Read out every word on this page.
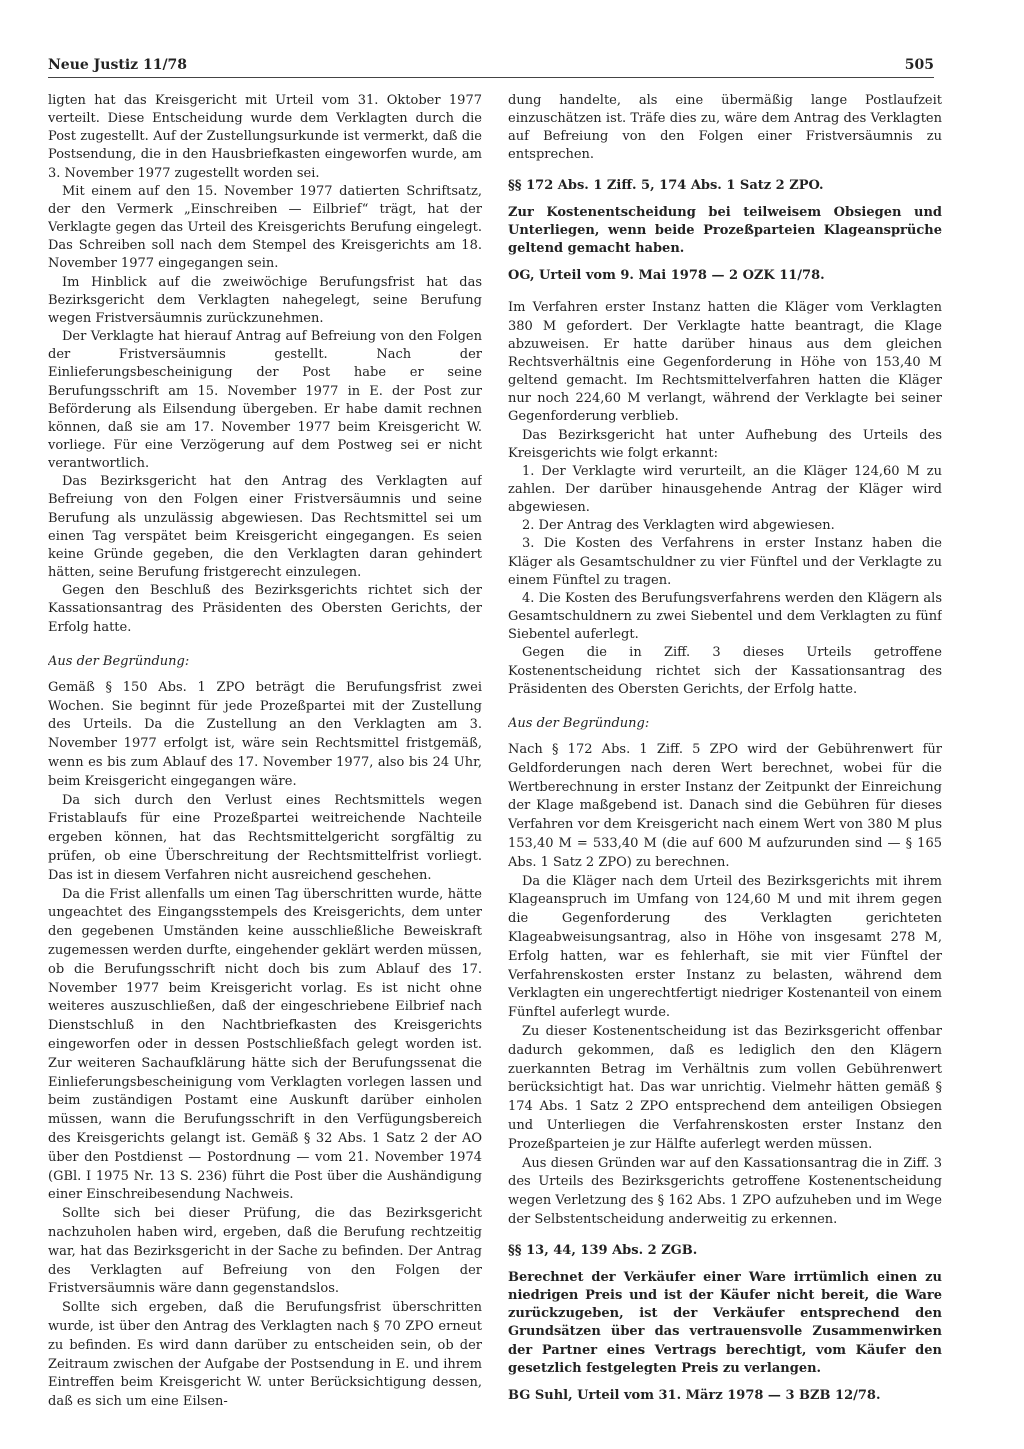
Neue Justiz 11/78	505

ligten hat das Kreisgericht mit Urteil vom 31. Oktober 1977 verteilt. Diese Entscheidung wurde dem Verklagten durch die Post zugestellt. Auf der Zustellungsurkunde ist vermerkt, daß die Postsendung, die in den Hausbriefkasten eingeworfen wurde, am 3. November 1977 zugestellt worden sei.

Mit einem auf den 15. November 1977 datierten Schriftsatz, der den Vermerk „Einschreiben — Eilbrief“ trägt, hat der Verklagte gegen das Urteil des Kreisgerichts Berufung eingelegt. Das Schreiben soll nach dem Stempel des Kreisgerichts am 18. November 1977 eingegangen sein.

Im Hinblick auf die zweiwöchige Berufungsfrist hat das Bezirksgericht dem Verklagten nahegelegt, seine Berufung wegen Fristversäumnis zurückzunehmen.

Der Verklagte hat hierauf Antrag auf Befreiung von den Folgen der Fristversäumnis gestellt. Nach der Einlieferungsbescheinigung der Post habe er seine Berufungsschrift am 15. November 1977 in E. der Post zur Beförderung als Eilsendung übergeben. Er habe damit rechnen können, daß sie am 17. November 1977 beim Kreisgericht W. vorliege. Für eine Verzögerung auf dem Postweg sei er nicht verantwortlich.

Das Bezirksgericht hat den Antrag des Verklagten auf Befreiung von den Folgen einer Fristversäumnis und seine Berufung als unzulässig abgewiesen. Das Rechtsmittel sei um einen Tag verspätet beim Kreisgericht eingegangen. Es seien keine Gründe gegeben, die den Verklagten daran gehindert hätten, seine Berufung fristgerecht einzulegen.

Gegen den Beschluß des Bezirksgerichts richtet sich der Kassationsantrag des Präsidenten des Obersten Gerichts, der Erfolg hatte.

Aus der Begründung:

Gemäß § 150 Abs. 1 ZPO beträgt die Berufungsfrist zwei Wochen. Sie beginnt für jede Prozeßpartei mit der Zustellung des Urteils. Da die Zustellung an den Verklagten am 3. November 1977 erfolgt ist, wäre sein Rechtsmittel fristgemäß, wenn es bis zum Ablauf des 17. November 1977, also bis 24 Uhr, beim Kreisgericht eingegangen wäre.

Da sich durch den Verlust eines Rechtsmittels wegen Fristablaufs für eine Prozeßpartei weitreichende Nachteile ergeben können, hat das Rechtsmittelgericht sorgfältig zu prüfen, ob eine Überschreitung der Rechtsmittelfrist vorliegt. Das ist in diesem Verfahren nicht ausreichend geschehen.

Da die Frist allenfalls um einen Tag überschritten wurde, hätte ungeachtet des Eingangsstempels des Kreisgerichts, dem unter den gegebenen Umständen keine ausschließliche Beweiskraft zugemessen werden durfte, eingehender geklärt werden müssen, ob die Berufungsschrift nicht doch bis zum Ablauf des 17. November 1977 beim Kreisgericht vorlag. Es ist nicht ohne weiteres auszuschließen, daß der eingeschriebene Eilbrief nach Dienstschluß in den Nachtbriefkasten des Kreisgerichts eingeworfen oder in dessen Postschließfach gelegt worden ist. Zur weiteren Sachaufklärung hätte sich der Berufungssenat die Einlieferungsbescheinigung vom Verklagten vorlegen lassen und beim zuständigen Postamt eine Auskunft darüber einholen müssen, wann die Berufungsschrift in den Verfügungsbereich des Kreisgerichts gelangt ist. Gemäß § 32 Abs. 1 Satz 2 der AO über den Postdienst — Postordnung — vom 21. November 1974 (GBl. I 1975 Nr. 13 S. 236) führt die Post über die Aushändigung einer Einschreibesendung Nachweis.

Sollte sich bei dieser Prüfung, die das Bezirksgericht nachzuholen haben wird, ergeben, daß die Berufung rechtzeitig war, hat das Bezirksgericht in der Sache zu befinden. Der Antrag des Verklagten auf Befreiung von den Folgen der Fristversäumnis wäre dann gegenstandslos.

Sollte sich ergeben, daß die Berufungsfrist überschritten wurde, ist über den Antrag des Verklagten nach § 70 ZPO erneut zu befinden. Es wird dann darüber zu entscheiden sein, ob der Zeitraum zwischen der Aufgabe der Postsendung in E. und ihrem Eintreffen beim Kreisgericht W. unter Berücksichtigung dessen, daß es sich um eine Eilsen-

dung handelte, als eine übermäßig lange Postlaufzeit einzuschätzen ist. Träfe dies zu, wäre dem Antrag des Verklagten auf Befreiung von den Folgen einer Fristversäumnis zu entsprechen.

§§ 172 Abs. 1 Ziff. 5, 174 Abs. 1 Satz 2 ZPO.

Zur Kostenentscheidung bei teilweisem Obsiegen und Unterliegen, wenn beide Prozeßparteien Klageansprüche geltend gemacht haben.

OG, Urteil vom 9. Mai 1978 — 2 OZK 11/78.

Im Verfahren erster Instanz hatten die Kläger vom Verklagten 380 M gefordert. Der Verklagte hatte beantragt, die Klage abzuweisen. Er hatte darüber hinaus aus dem gleichen Rechtsverhältnis eine Gegenforderung in Höhe von 153,40 M geltend gemacht. Im Rechtsmittelverfahren hatten die Kläger nur noch 224,60 M verlangt, während der Verklagte bei seiner Gegenforderung verblieb.

Das Bezirksgericht hat unter Aufhebung des Urteils des Kreisgerichts wie folgt erkannt:

1. Der Verklagte wird verurteilt, an die Kläger 124,60 M zu zahlen. Der darüber hinausgehende Antrag der Kläger wird abgewiesen.

2. Der Antrag des Verklagten wird abgewiesen.

3. Die Kosten des Verfahrens in erster Instanz haben die Kläger als Gesamtschuldner zu vier Fünftel und der Verklagte zu einem Fünftel zu tragen.

4. Die Kosten des Berufungsverfahrens werden den Klägern als Gesamtschuldnern zu zwei Siebentel und dem Verklagten zu fünf Siebentel auferlegt.

Gegen die in Ziff. 3 dieses Urteils getroffene Kostenentscheidung richtet sich der Kassationsantrag des Präsidenten des Obersten Gerichts, der Erfolg hatte.

Aus der Begründung:

Nach § 172 Abs. 1 Ziff. 5 ZPO wird der Gebührenwert für Geldforderungen nach deren Wert berechnet, wobei für die Wertberechnung in erster Instanz der Zeitpunkt der Einreichung der Klage maßgebend ist. Danach sind die Gebühren für dieses Verfahren vor dem Kreisgericht nach einem Wert von 380 M plus 153,40 M = 533,40 M (die auf 600 M aufzurunden sind — § 165 Abs. 1 Satz 2 ZPO) zu berechnen.

Da die Kläger nach dem Urteil des Bezirksgerichts mit ihrem Klageanspruch im Umfang von 124,60 M und mit ihrem gegen die Gegenforderung des Verklagten gerichteten Klageabweisungsantrag, also in Höhe von insgesamt 278 M, Erfolg hatten, war es fehlerhaft, sie mit vier Fünftel der Verfahrenskosten erster Instanz zu belasten, während dem Verklagten ein ungerechtfertigt niedriger Kostenanteil von einem Fünftel auferlegt wurde.

Zu dieser Kostenentscheidung ist das Bezirksgericht offenbar dadurch gekommen, daß es lediglich den den Klägern zuerkannten Betrag im Verhältnis zum vollen Gebührenwert berücksichtigt hat. Das war unrichtig. Vielmehr hätten gemäß § 174 Abs. 1 Satz 2 ZPO entsprechend dem anteiligen Obsiegen und Unterliegen die Verfahrenskosten erster Instanz den Prozeßparteien je zur Hälfte auferlegt werden müssen.

Aus diesen Gründen war auf den Kassationsantrag die in Ziff. 3 des Urteils des Bezirksgerichts getroffene Kostenentscheidung wegen Verletzung des § 162 Abs. 1 ZPO aufzuheben und im Wege der Selbstentscheidung anderweitig zu erkennen.

§§ 13, 44, 139 Abs. 2 ZGB.

Berechnet der Verkäufer einer Ware irrtümlich einen zu niedrigen Preis und ist der Käufer nicht bereit, die Ware zurückzugeben, ist der Verkäufer entsprechend den Grundsätzen über das vertrauensvolle Zusammenwirken der Partner eines Vertrags berechtigt, vom Käufer den gesetzlich festgelegten Preis zu verlangen.

BG Suhl, Urteil vom 31. März 1978 — 3 BZB 12/78.
